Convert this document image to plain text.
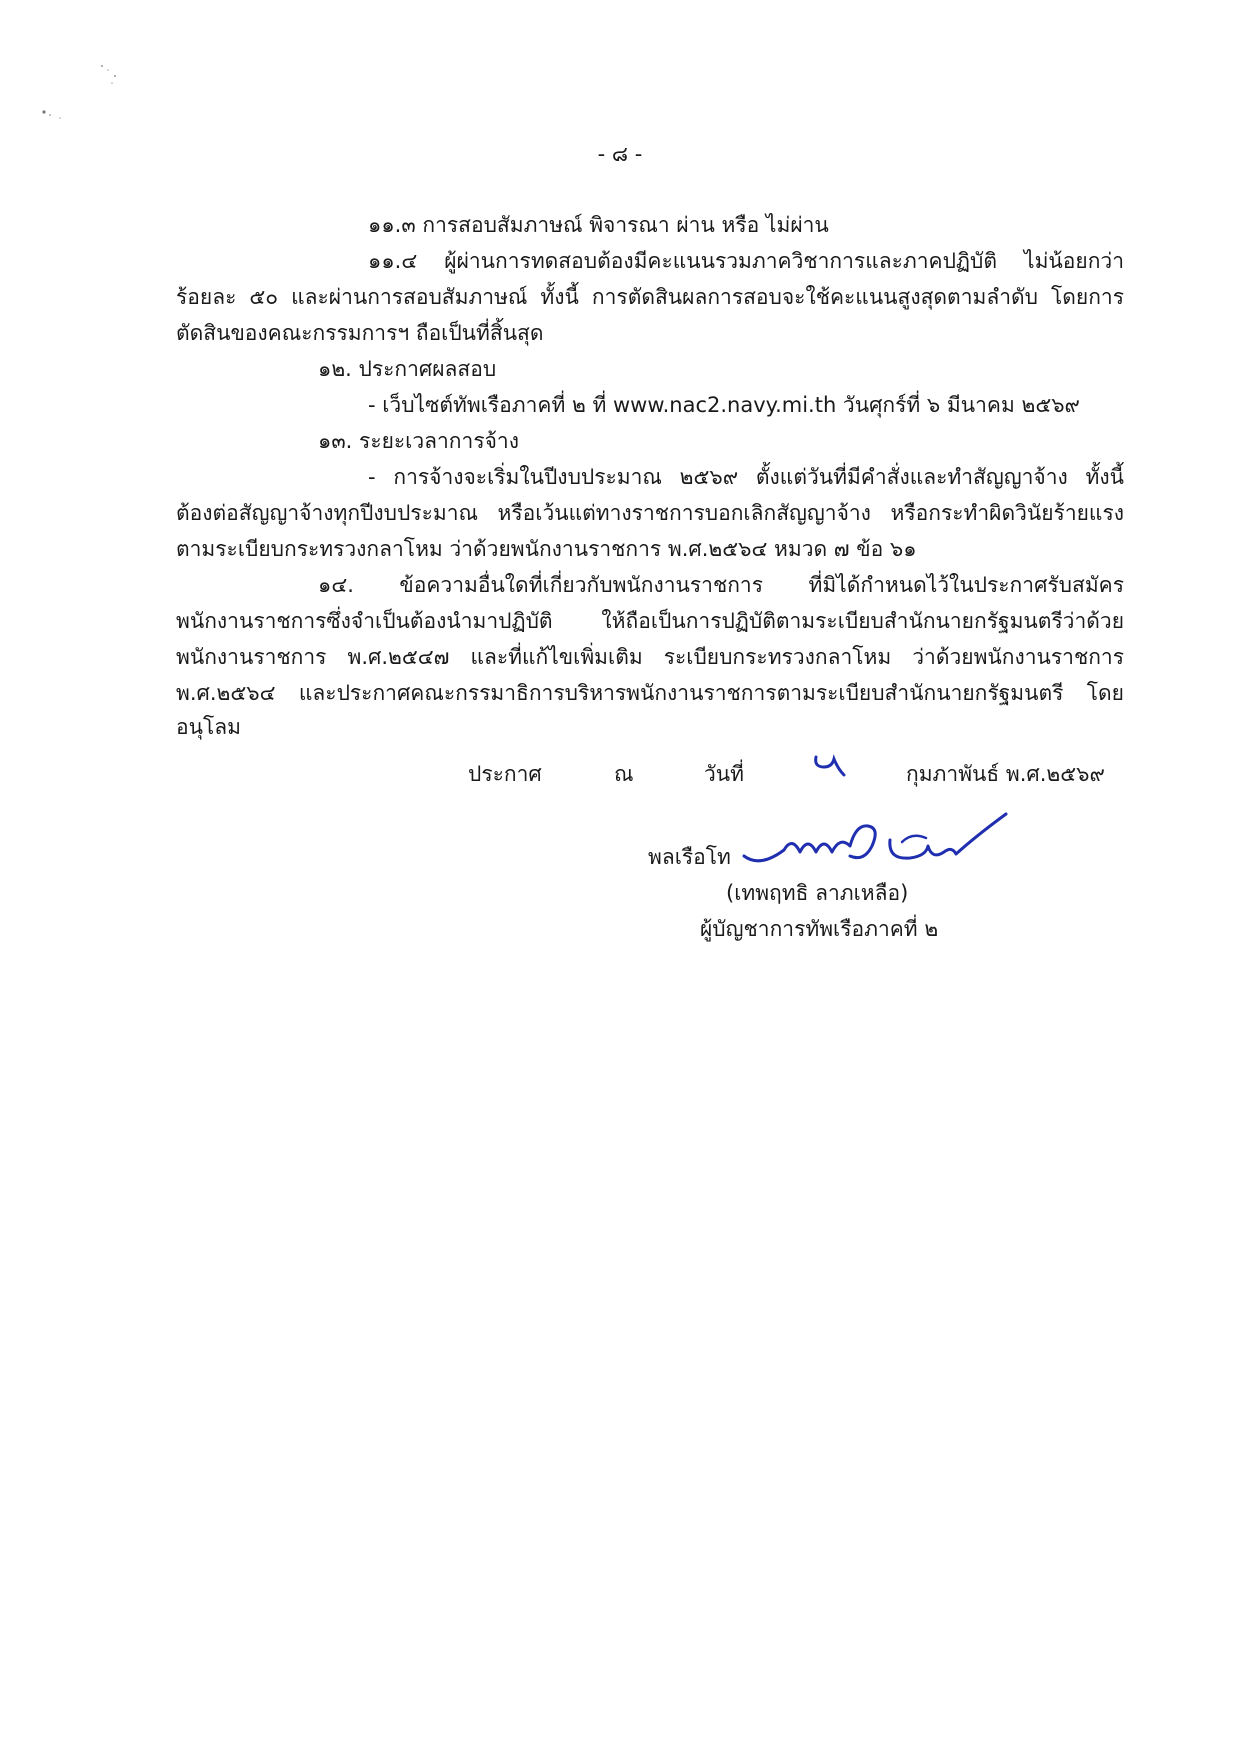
- ๘ -
๑๑.๓ การสอบสัมภาษณ์ พิจารณา ผ่าน หรือ ไม่ผ่าน
๑๑.๔ ผู้ผ่านการทดสอบต้องมีคะแนนรวมภาควิชาการและภาคปฏิบัติ ไม่น้อยกว่า
ร้อยละ ๕๐ และผ่านการสอบสัมภาษณ์ ทั้งนี้ การตัดสินผลการสอบจะใช้คะแนนสูงสุดตามลำดับ โดยการ
ตัดสินของคณะกรรมการฯ ถือเป็นที่สิ้นสุด
๑๒. ประกาศผลสอบ
- เว็บไซต์ทัพเรือภาคที่ ๒ ที่ www.nac2.navy.mi.th วันศุกร์ที่ ๖ มีนาคม ๒๕๖๙
๑๓. ระยะเวลาการจ้าง
- การจ้างจะเริ่มในปีงบประมาณ ๒๕๖๙ ตั้งแต่วันที่มีคำสั่งและทำสัญญาจ้าง ทั้งนี้
ต้องต่อสัญญาจ้างทุกปีงบประมาณ หรือเว้นแต่ทางราชการบอกเลิกสัญญาจ้าง หรือกระทำผิดวินัยร้ายแรง
ตามระเบียบกระทรวงกลาโหม ว่าด้วยพนักงานราชการ พ.ศ.๒๕๖๔ หมวด ๗ ข้อ ๖๑
๑๔. ข้อความอื่นใดที่เกี่ยวกับพนักงานราชการ ที่มิได้กำหนดไว้ในประกาศรับสมัคร
พนักงานราชการซึ่งจำเป็นต้องนำมาปฏิบัติ ให้ถือเป็นการปฏิบัติตามระเบียบสำนักนายกรัฐมนตรีว่าด้วย
พนักงานราชการ พ.ศ.๒๕๔๗ และที่แก้ไขเพิ่มเติม ระเบียบกระทรวงกลาโหม ว่าด้วยพนักงานราชการ
พ.ศ.๒๕๖๔ และประกาศคณะกรรมาธิการบริหารพนักงานราชการตามระเบียบสำนักนายกรัฐมนตรี โดยอนุโลม
ประกาศ	ณ	วันที่	กุมภาพันธ์ พ.ศ.๒๕๖๙
พลเรือโท
(เทพฤทธิ ลาภเหลือ)
ผู้บัญชาการทัพเรือภาคที่ ๒
